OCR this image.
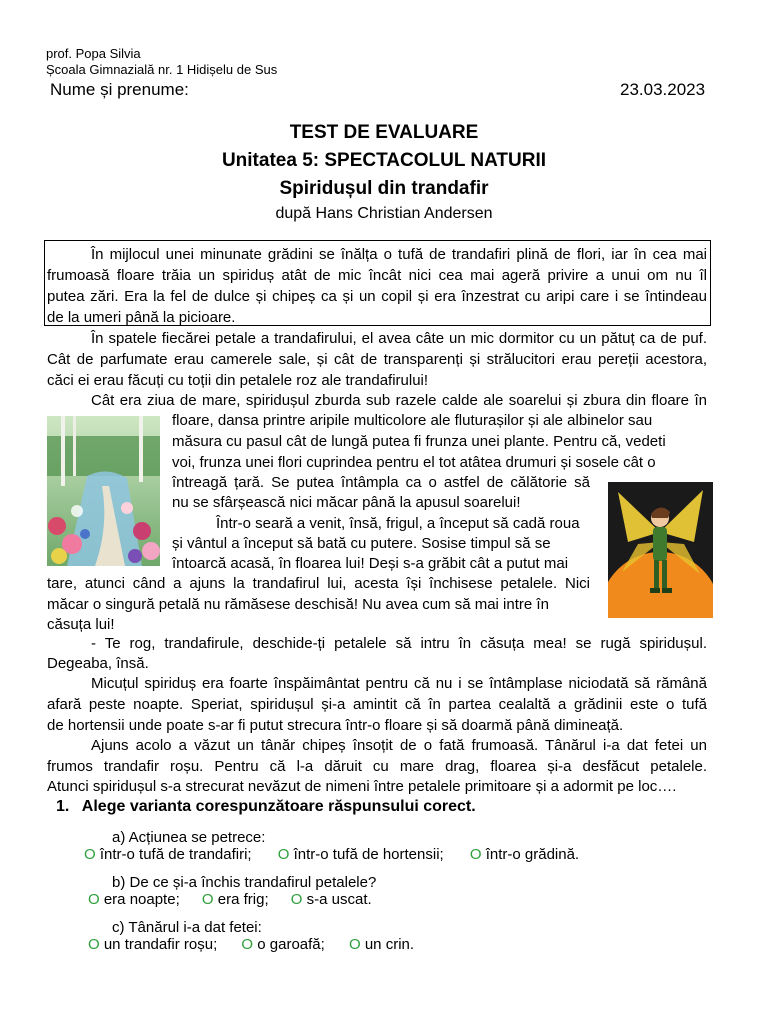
prof. Popa Silvia
Școala Gimnazială nr. 1 Hidișelu de Sus
Nume și prenume:	23.03.2023
TEST DE EVALUARE
Unitatea 5: SPECTACOLUL NATURII
Spiridușul din trandafir
după Hans Christian Andersen
În mijlocul unei minunate grădini se înălța o tufă de trandafiri plină de flori, iar în cea mai
frumoasă floare trăia un spiriduș atât de mic încât nici cea mai ageră privire a unui om nu îl
putea zări. Era la fel de dulce și chipeș ca și un copil și era înzestrat cu aripi care i se întindeau
de la umeri până la picioare.
În spatele fiecărei petale a trandafirului, el avea câte un mic dormitor cu un pătuț ca de puf.
Cât de parfumate erau camerele sale, și cât de transparenți și strălucitori erau pereții acestora,
căci ei erau făcuți cu toții din petalele roz ale trandafirului!
Cât era ziua de mare, spiridușul zburda sub razele calde ale soarelui și zbura din floare în
floare, dansa printre aripile multicolore ale fluturașilor și ale albinelor sau
măsura cu pasul cât de lungă putea fi frunza unei plante. Pentru că, vedeti
voi, frunza unei flori cuprindea pentru el tot atâtea drumuri și sosele cât o
întreagă țară. Se putea întâmpla ca o astfel de călătorie să
nu se sfârșească nici măcar până la apusul soarelui!
Într-o seară a venit, însă, frigul, a început să cadă roua
și vântul a început să bată cu putere. Sosise timpul să se
întoarcă acasă, în floarea lui! Deși s-a grăbit cât a putut mai
tare, atunci când a ajuns la trandafirul lui, acesta își închisese petalele. Nici
măcar o singură petală nu rămăsese deschisă! Nu avea cum să mai intre în
căsuța lui!
- Te rog, trandafirule, deschide-ți petalele să intru în căsuța mea! se rugă spiridușul.
Degeaba, însă.
Micuțul spiriduș era foarte înspăimântat pentru că nu i se întâmplase niciodată să rămână
afară peste noapte. Speriat, spiridușul și-a amintit că în partea cealaltă a grădinii este o tufă
de hortensii unde poate s-ar fi putut strecura într-o floare și să doarmă până dimineață.
Ajuns acolo a văzut un tânăr chipeș însoțit de o fată frumoasă. Tânărul i-a dat fetei un
frumos trandafir roșu. Pentru că l-a dăruit cu mare drag, floarea și-a desfăcut petalele.
Atunci spiridușul s-a strecurat nevăzut de nimeni între petalele primitoare și a adormit pe loc….
1. Alege varianta corespunzătoare răspunsului corect.
a) Acțiunea se petrece:
O într-o tufă de trandafiri; O într-o tufă de hortensii; O într-o grădină.
b) De ce și-a închis trandafirul petalele?
O era noapte; O era frig; O s-a uscat.
c) Tânărul i-a dat fetei:
O un trandafir roșu; O o garoafă; O un crin.
